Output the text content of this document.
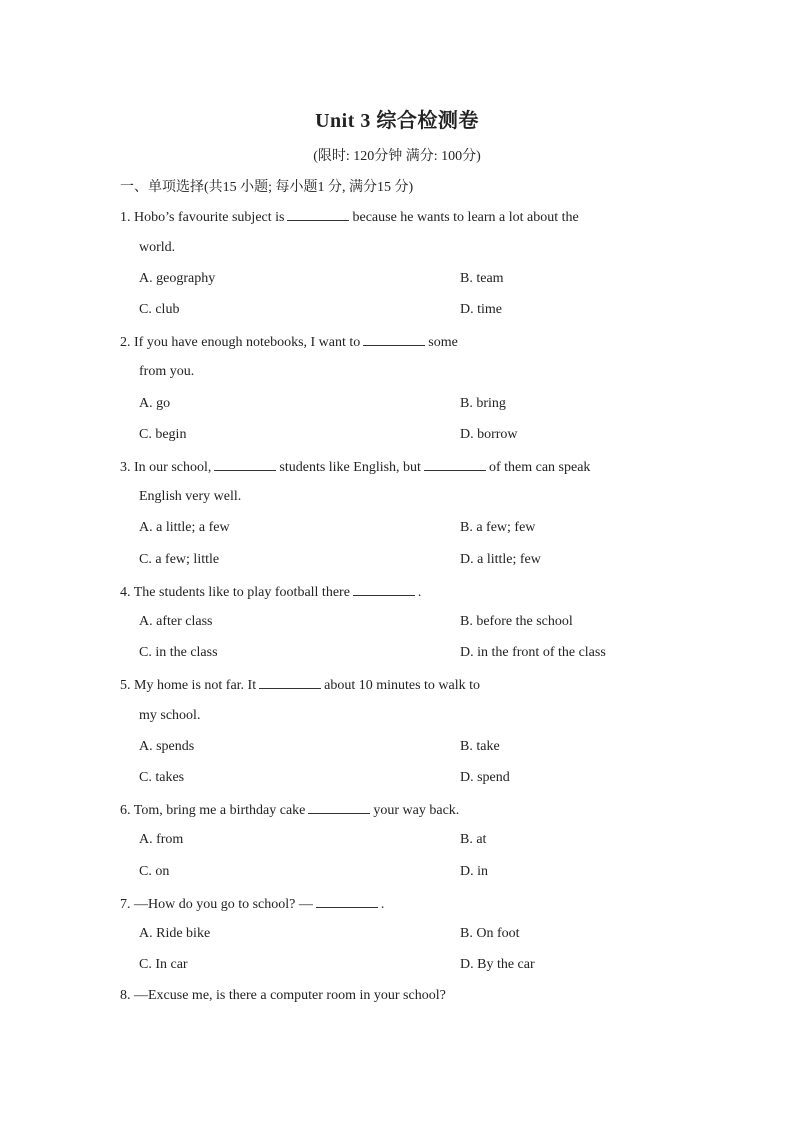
Unit 3 综合检测卷
(限时: 120分钟 满分: 100分)
一、单项选择(共15 小题; 每小题1 分, 满分15 分)
1. Hobo’s favourite subject is	because he wants to learn a lot about the
world.
A. geography	B. team
C. club	D. time
2. If you have enough notebooks, I want to	some
from you.
A. go	B. bring
C. begin	D. borrow
3. In our school,	students like English, but	of them can speak
English very well.
A. a little; a few	B. a few; few
C. a few; little	D. a little; few
4. The students like to play football there	.
A. after class	B. before the school
C. in the class	D. in the front of the class
5. My home is not far. It	about 10 minutes to walk to
my school.
A. spends	B. take
C. takes	D. spend
6. Tom, bring me a birthday cake	your way back.
A. from	B. at
C. on	D. in
7. —How do you go to school? —	.
A. Ride bike	B. On foot
C. In car	D. By the car
8. —Excuse me, is there a computer room in your school?
